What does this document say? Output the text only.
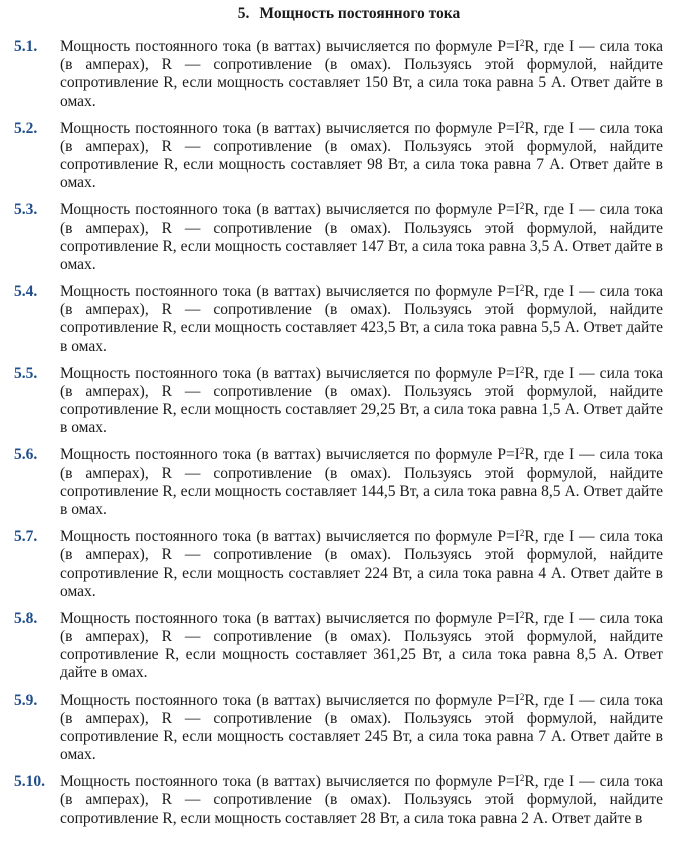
5. Мощность постоянного тока
5.1. Мощность постоянного тока (в ваттах) вычисляется по формуле $P=I^2R$, где I — сила тока (в амперах), R — сопротивление (в омах). Пользуясь этой формулой, найдите сопротивление R, если мощность составляет 150 Вт, а сила тока равна 5 А. Ответ дайте в омах.
5.2. Мощность постоянного тока (в ваттах) вычисляется по формуле $P=I^2R$, где I — сила тока (в амперах), R — сопротивление (в омах). Пользуясь этой формулой, найдите сопротивление R, если мощность составляет 98 Вт, а сила тока равна 7 А. Ответ дайте в омах.
5.3. Мощность постоянного тока (в ваттах) вычисляется по формуле $P=I^2R$, где I — сила тока (в амперах), R — сопротивление (в омах). Пользуясь этой формулой, найдите сопротивление R, если мощность составляет 147 Вт, а сила тока равна 3,5 А. Ответ дайте в омах.
5.4. Мощность постоянного тока (в ваттах) вычисляется по формуле $P=I^2R$, где I — сила тока (в амперах), R — сопротивление (в омах). Пользуясь этой формулой, найдите сопротивление R, если мощность составляет 423,5 Вт, а сила тока равна 5,5 А. Ответ дайте в омах.
5.5. Мощность постоянного тока (в ваттах) вычисляется по формуле $P=I^2R$, где I — сила тока (в амперах), R — сопротивление (в омах). Пользуясь этой формулой, найдите сопротивление R, если мощность составляет 29,25 Вт, а сила тока равна 1,5 А. Ответ дайте в омах.
5.6. Мощность постоянного тока (в ваттах) вычисляется по формуле $P=I^2R$, где I — сила тока (в амперах), R — сопротивление (в омах). Пользуясь этой формулой, найдите сопротивление R, если мощность составляет 144,5 Вт, а сила тока равна 8,5 А. Ответ дайте в омах.
5.7. Мощность постоянного тока (в ваттах) вычисляется по формуле $P=I^2R$, где I — сила тока (в амперах), R — сопротивление (в омах). Пользуясь этой формулой, найдите сопротивление R, если мощность составляет 224 Вт, а сила тока равна 4 А. Ответ дайте в омах.
5.8. Мощность постоянного тока (в ваттах) вычисляется по формуле $P=I^2R$, где I — сила тока (в амперах), R — сопротивление (в омах). Пользуясь этой формулой, найдите сопротивление R, если мощность составляет 361,25 Вт, а сила тока равна 8,5 А. Ответ дайте в омах.
5.9. Мощность постоянного тока (в ваттах) вычисляется по формуле $P=I^2R$, где I — сила тока (в амперах), R — сопротивление (в омах). Пользуясь этой формулой, найдите сопротивление R, если мощность составляет 245 Вт, а сила тока равна 7 А. Ответ дайте в омах.
5.10. Мощность постоянного тока (в ваттах) вычисляется по формуле $P=I^2R$, где I — сила тока (в амперах), R — сопротивление (в омах). Пользуясь этой формулой, найдите сопротивление R, если мощность составляет 28 Вт, а сила тока равна 2 А. Ответ дайте в
